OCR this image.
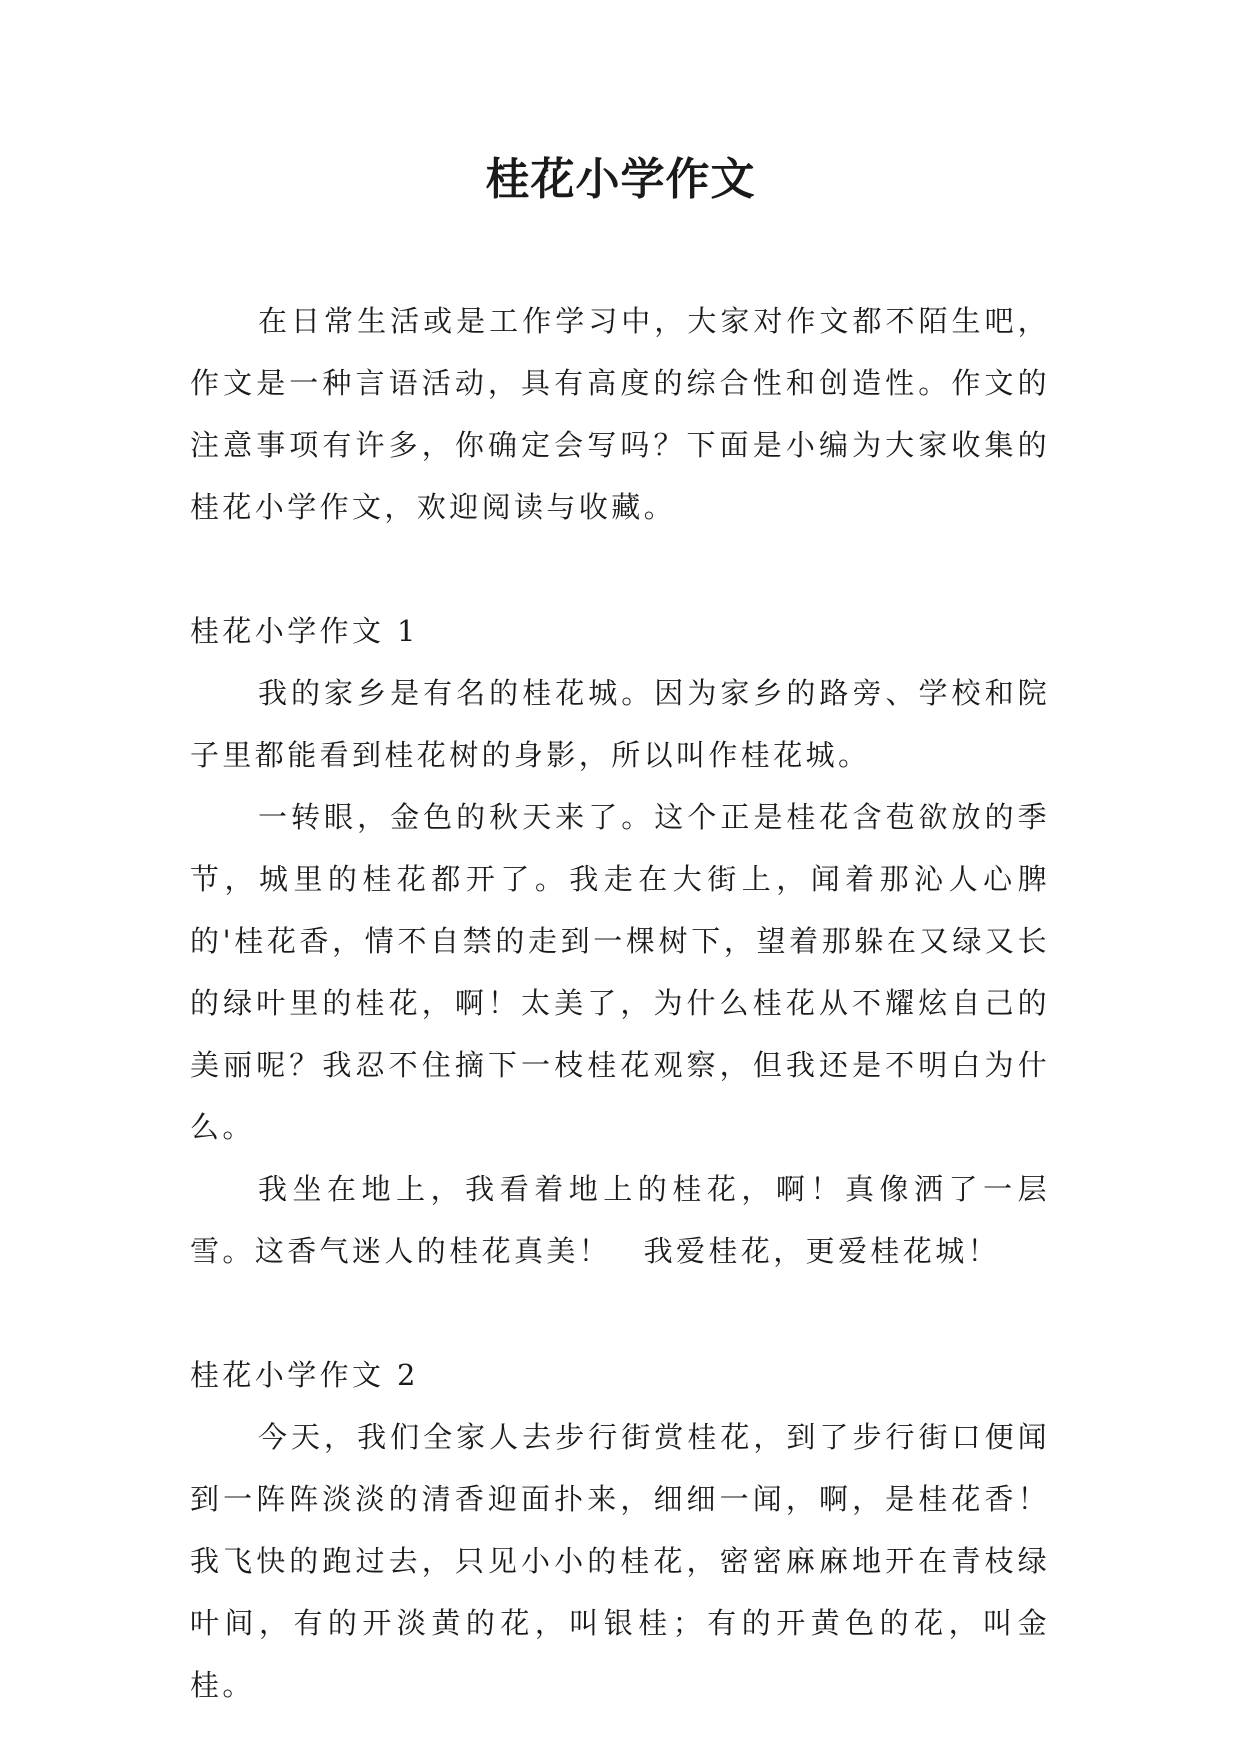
桂花小学作文

在日常生活或是工作学习中，大家对作文都不陌生吧，作文是一种言语活动，具有高度的综合性和创造性。作文的注意事项有许多，你确定会写吗？下面是小编为大家收集的桂花小学作文，欢迎阅读与收藏。

桂花小学作文 1

我的家乡是有名的桂花城。因为家乡的路旁、学校和院子里都能看到桂花树的身影，所以叫作桂花城。

一转眼，金色的秋天来了。这个正是桂花含苞欲放的季节，城里的桂花都开了。我走在大街上，闻着那沁人心脾的'桂花香，情不自禁的走到一棵树下，望着那躲在又绿又长的绿叶里的桂花，啊！太美了，为什么桂花从不耀炫自己的美丽呢？我忍不住摘下一枝桂花观察，但我还是不明白为什么。

我坐在地上，我看着地上的桂花，啊！真像洒了一层雪。这香气迷人的桂花真美！　我爱桂花，更爱桂花城！

桂花小学作文 2

今天，我们全家人去步行街赏桂花，到了步行街口便闻到一阵阵淡淡的清香迎面扑来，细细一闻，啊，是桂花香！我飞快的跑过去，只见小小的桂花，密密麻麻地开在青枝绿叶间，有的开淡黄的花，叫银桂；有的开黄色的花，叫金桂。
